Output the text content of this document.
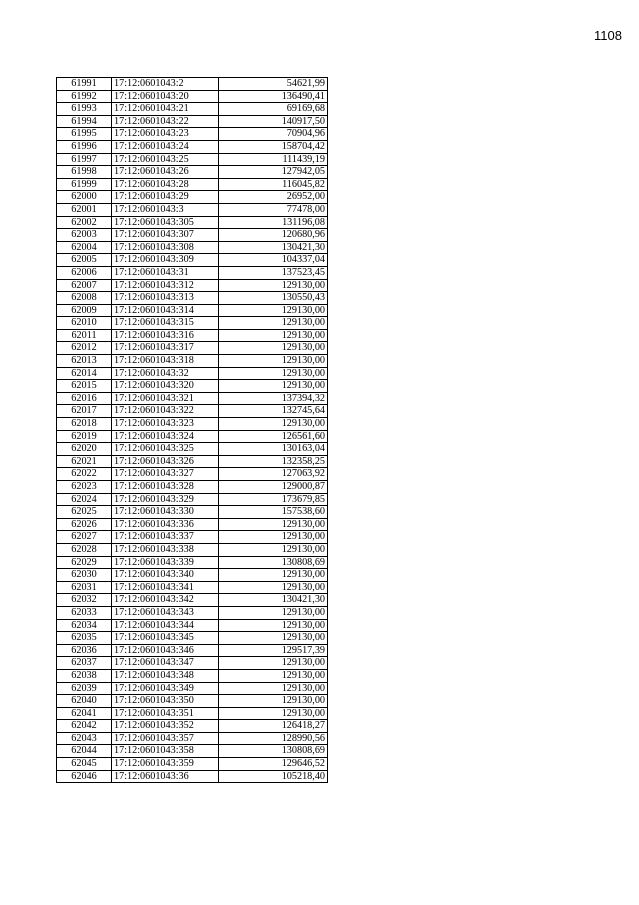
1108
61991	17:12:0601043:2	54621,99
61992	17:12:0601043:20	136490,41
61993	17:12:0601043:21	69169,68
61994	17:12:0601043:22	140917,50
61995	17:12:0601043:23	70904,96
61996	17:12:0601043:24	158704,42
61997	17:12:0601043:25	111439,19
61998	17:12:0601043:26	127942,05
61999	17:12:0601043:28	116045,82
62000	17:12:0601043:29	26952,00
62001	17:12:0601043:3	77478,00
62002	17:12:0601043:305	131196,08
62003	17:12:0601043:307	120680,96
62004	17:12:0601043:308	130421,30
62005	17:12:0601043:309	104337,04
62006	17:12:0601043:31	137523,45
62007	17:12:0601043:312	129130,00
62008	17:12:0601043:313	130550,43
62009	17:12:0601043:314	129130,00
62010	17:12:0601043:315	129130,00
62011	17:12:0601043:316	129130,00
62012	17:12:0601043:317	129130,00
62013	17:12:0601043:318	129130,00
62014	17:12:0601043:32	129130,00
62015	17:12:0601043:320	129130,00
62016	17:12:0601043:321	137394,32
62017	17:12:0601043:322	132745,64
62018	17:12:0601043:323	129130,00
62019	17:12:0601043:324	126561,60
62020	17:12:0601043:325	130163,04
62021	17:12:0601043:326	132358,25
62022	17:12:0601043:327	127063,92
62023	17:12:0601043:328	129000,87
62024	17:12:0601043:329	173679,85
62025	17:12:0601043:330	157538,60
62026	17:12:0601043:336	129130,00
62027	17:12:0601043:337	129130,00
62028	17:12:0601043:338	129130,00
62029	17:12:0601043:339	130808,69
62030	17:12:0601043:340	129130,00
62031	17:12:0601043:341	129130,00
62032	17:12:0601043:342	130421,30
62033	17:12:0601043:343	129130,00
62034	17:12:0601043:344	129130,00
62035	17:12:0601043:345	129130,00
62036	17:12:0601043:346	129517,39
62037	17:12:0601043:347	129130,00
62038	17:12:0601043:348	129130,00
62039	17:12:0601043:349	129130,00
62040	17:12:0601043:350	129130,00
62041	17:12:0601043:351	129130,00
62042	17:12:0601043:352	126418,27
62043	17:12:0601043:357	128990,56
62044	17:12:0601043:358	130808,69
62045	17:12:0601043:359	129646,52
62046	17:12:0601043:36	105218,40
